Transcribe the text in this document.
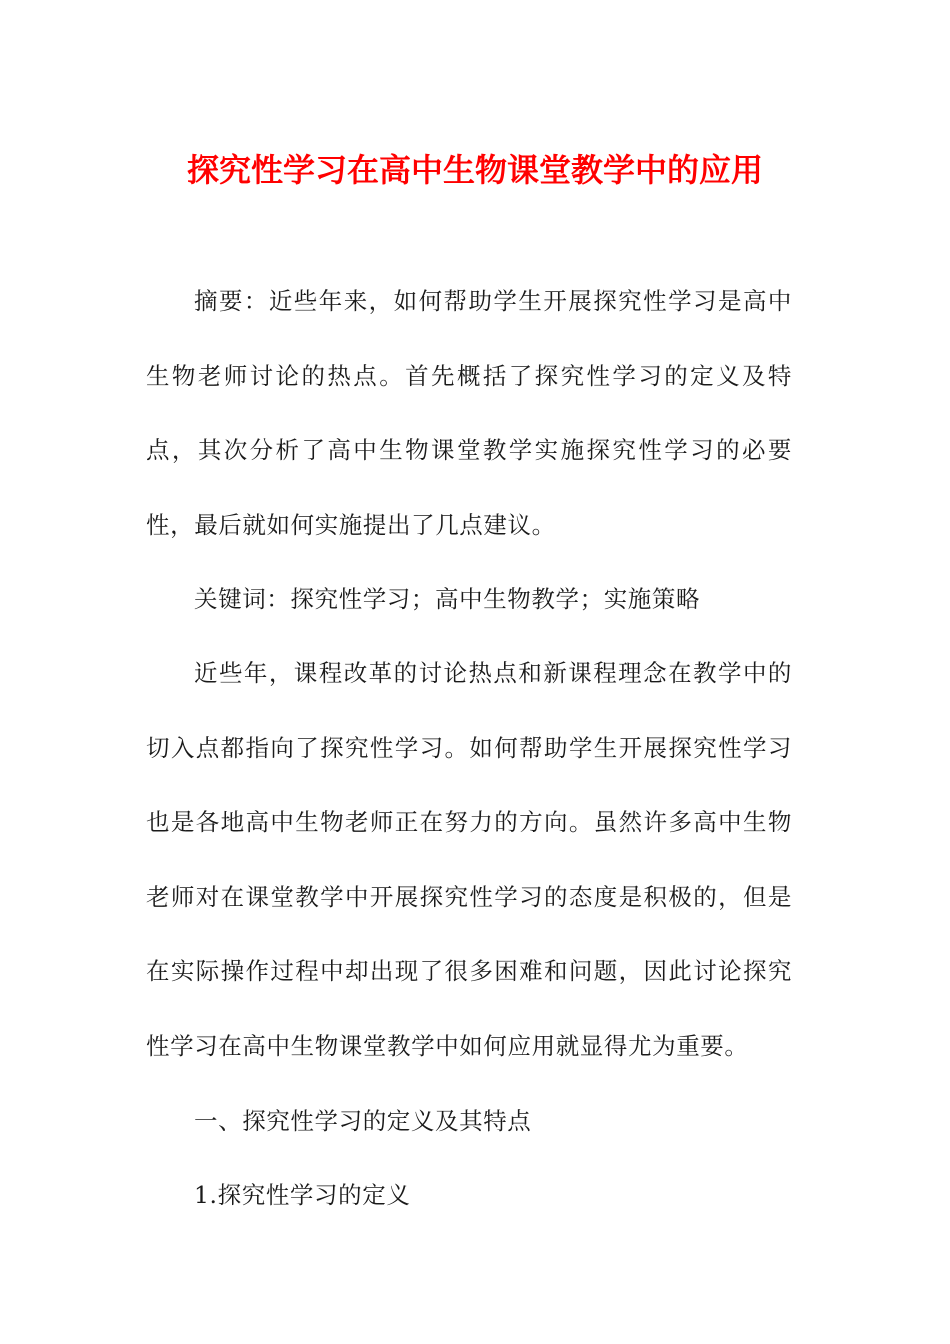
探究性学习在高中生物课堂教学中的应用

摘要：近些年来，如何帮助学生开展探究性学习是高中生物老师讨论的热点。首先概括了探究性学习的定义及特点，其次分析了高中生物课堂教学实施探究性学习的必要性，最后就如何实施提出了几点建议。

关键词：探究性学习；高中生物教学；实施策略

近些年，课程改革的讨论热点和新课程理念在教学中的切入点都指向了探究性学习。如何帮助学生开展探究性学习也是各地高中生物老师正在努力的方向。虽然许多高中生物老师对在课堂教学中开展探究性学习的态度是积极的，但是在实际操作过程中却出现了很多困难和问题，因此讨论探究性学习在高中生物课堂教学中如何应用就显得尤为重要。

一、探究性学习的定义及其特点

1.探究性学习的定义
